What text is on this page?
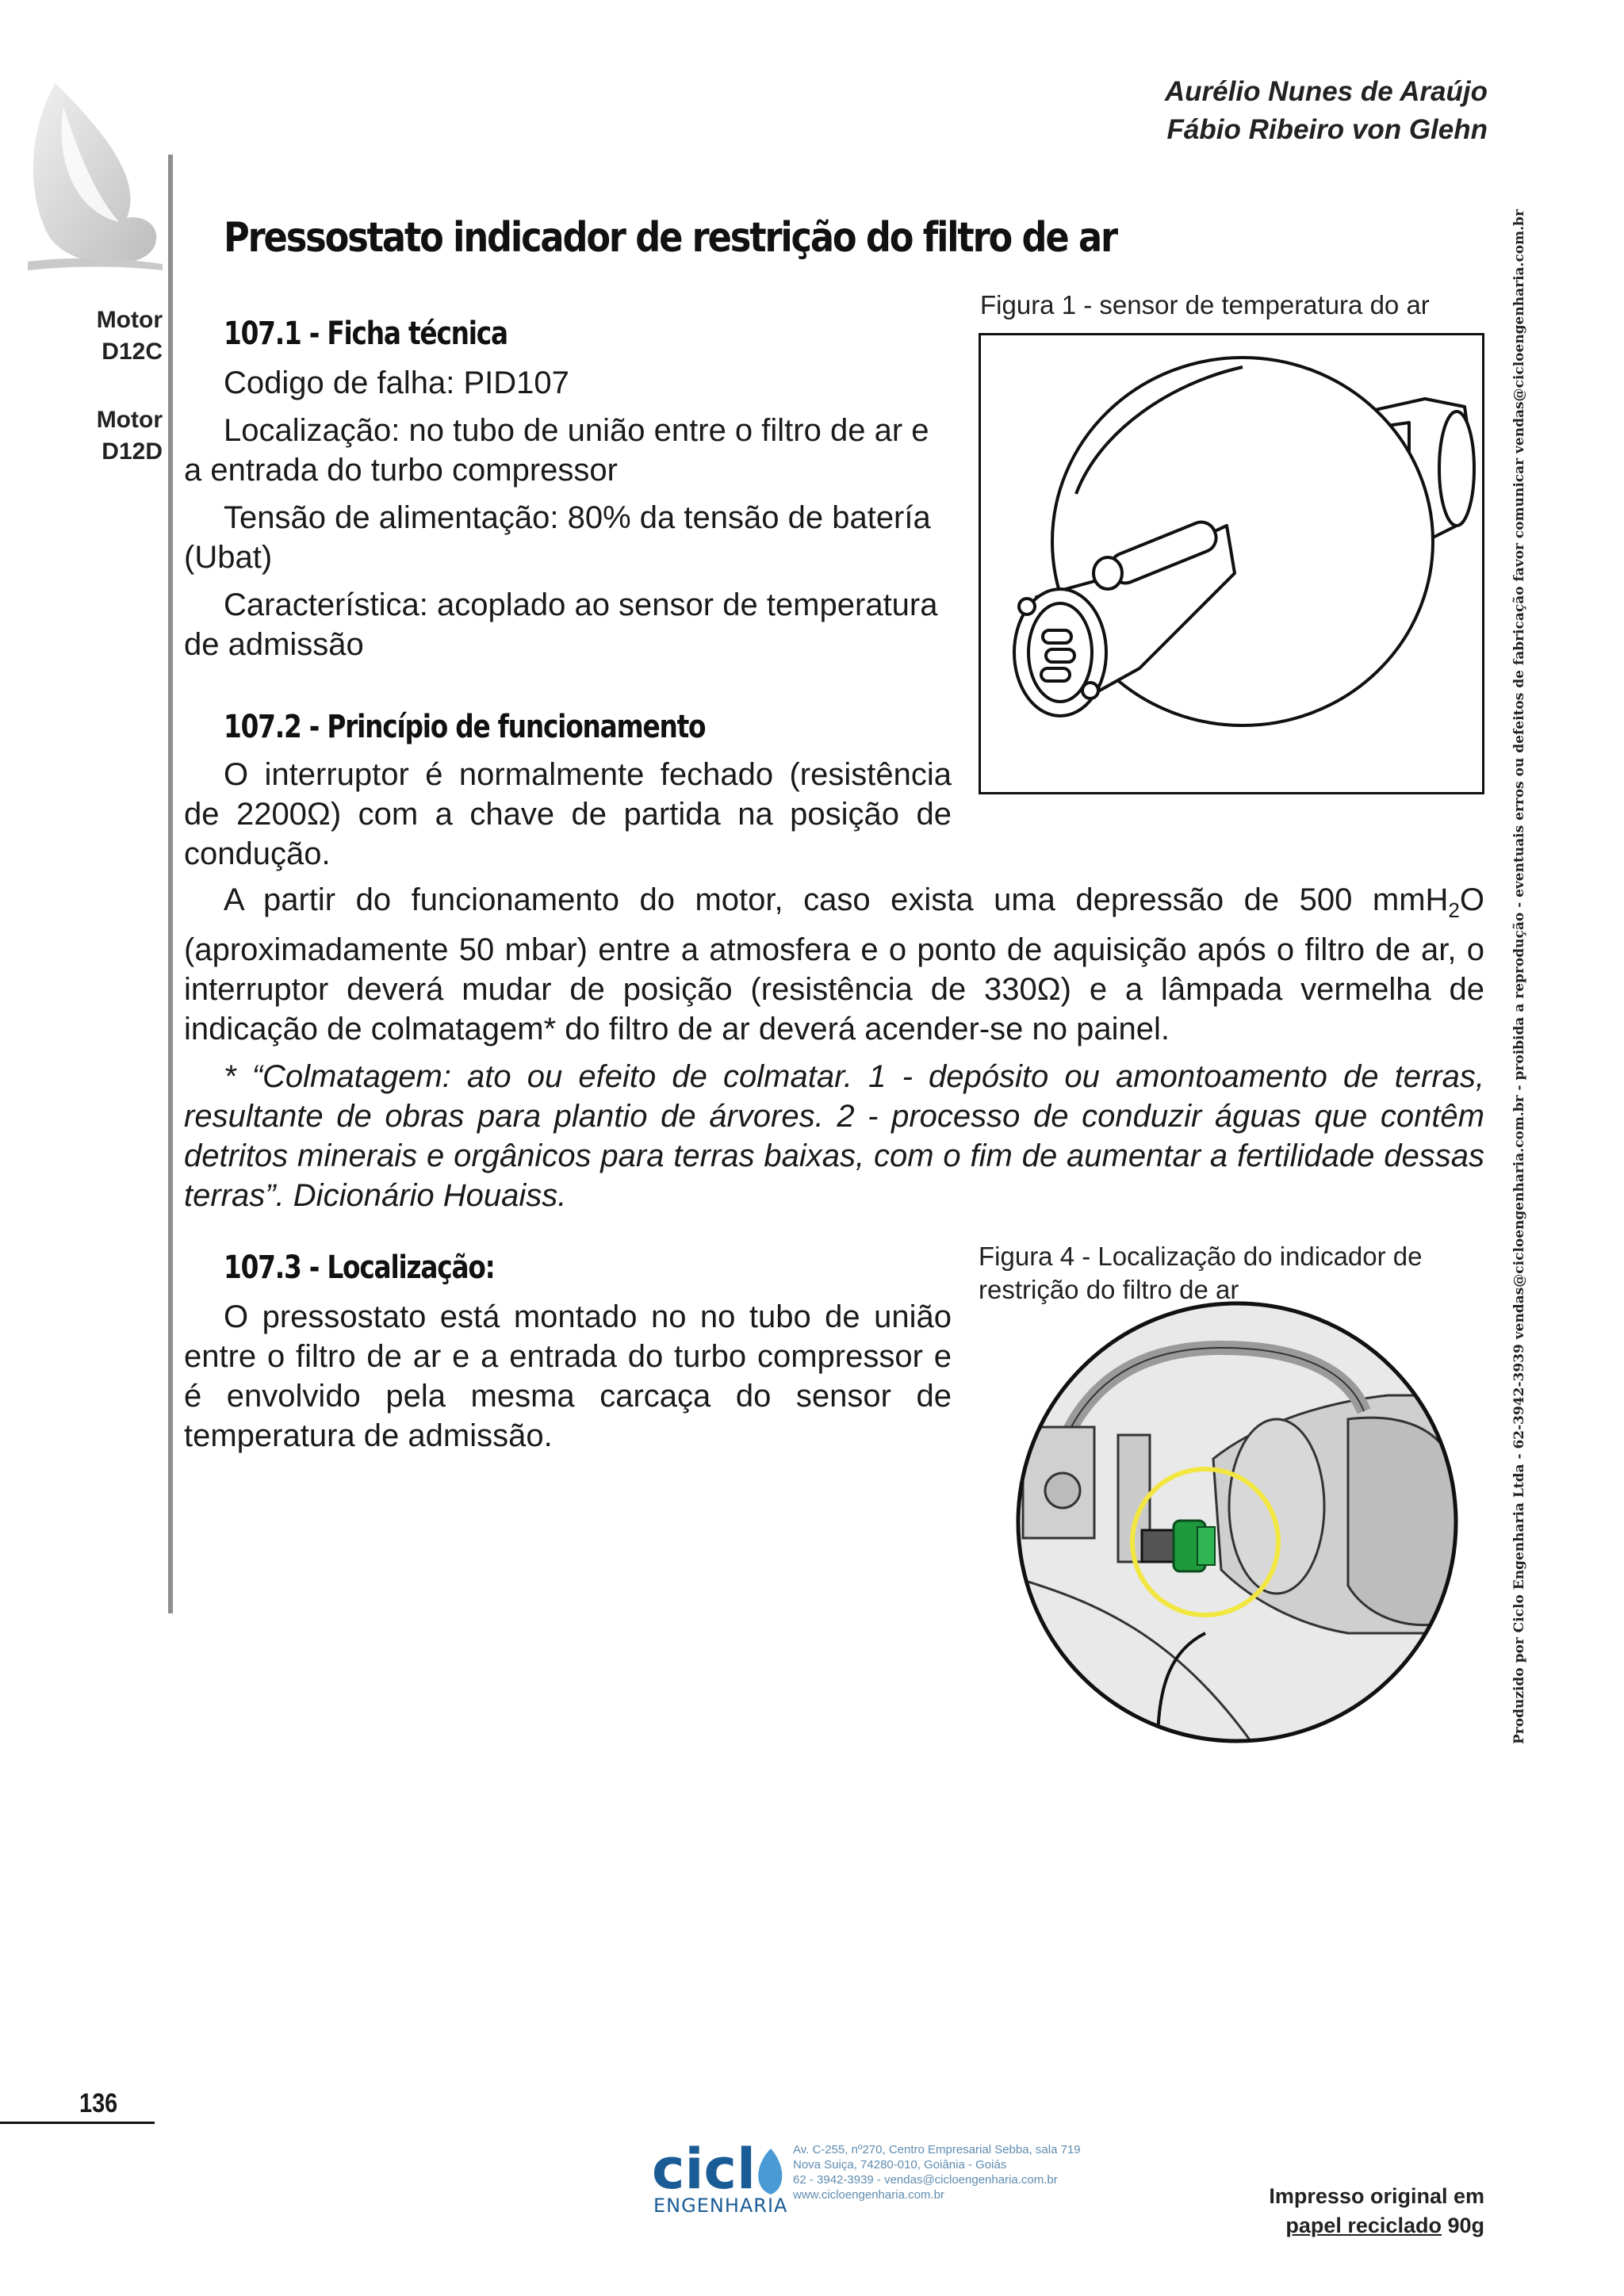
Aurélio Nunes de Araújo
Fábio Ribeiro von Glehn
Motor
D12C
Motor
D12D
Pressostato indicador de restrição do filtro de ar
107.1 - Ficha técnica

Codigo de falha: PID107

Localização: no tubo de união entre o filtro de ar e a entrada do turbo compressor

Tensão de alimentação: 80% da tensão de batería (Ubat)

Característica: acoplado ao sensor de temperatura de admissão

107.2 - Princípio de funcionamento

O interruptor é normalmente fechado (resistência de 2200Ω) com a chave de partida na posição de condução.

A partir do funcionamento do motor, caso exista uma depressão de 500 mmH$_2$O (aproximadamente 50 mbar) entre a atmosfera e o ponto de aquisição após o filtro de ar, o interruptor deverá mudar de posição (resistência de 330Ω) e a lâmpada vermelha de indicação de colmatagem* do filtro de ar deverá acender-se no painel.

* “Colmatagem: ato ou efeito de colmatar. 1 - depósito ou amontoamento de terras, resultante de obras para plantio de árvores. 2 - processo de conduzir águas que contêm detritos minerais e orgânicos para terras baixas, com o fim de aumentar a fertilidade dessas terras”. Dicionário Houaiss.

107.3 - Localização:

O pressostato está montado no no tubo de união entre o filtro de ar e a entrada do turbo compressor e é envolvido pela mesma carcaça do sensor de temperatura de admissão.

Figura 1 - sensor de temperatura do ar
Figura 4 - Localização do indicador de restrição do filtro de ar	Produzido por Ciclo Engenharia Ltda - 62-3942-3939 vendas@cicloengenharia.com.br - proibida a reprodução - eventuais erros ou defeitos de fabricação favor comunicar vendas@cicloengenharia.com.br
136
cicl
ENGENHARIA
Av. C-255, nº270, Centro Empresarial Sebba, sala 719
Nova Suiça, 74280-010, Goiânia - Goiás
62 - 3942-3939 - vendas@cicloengenharia.com.br
www.cicloengenharia.com.br	Impresso original em
papel reciclado 90g
